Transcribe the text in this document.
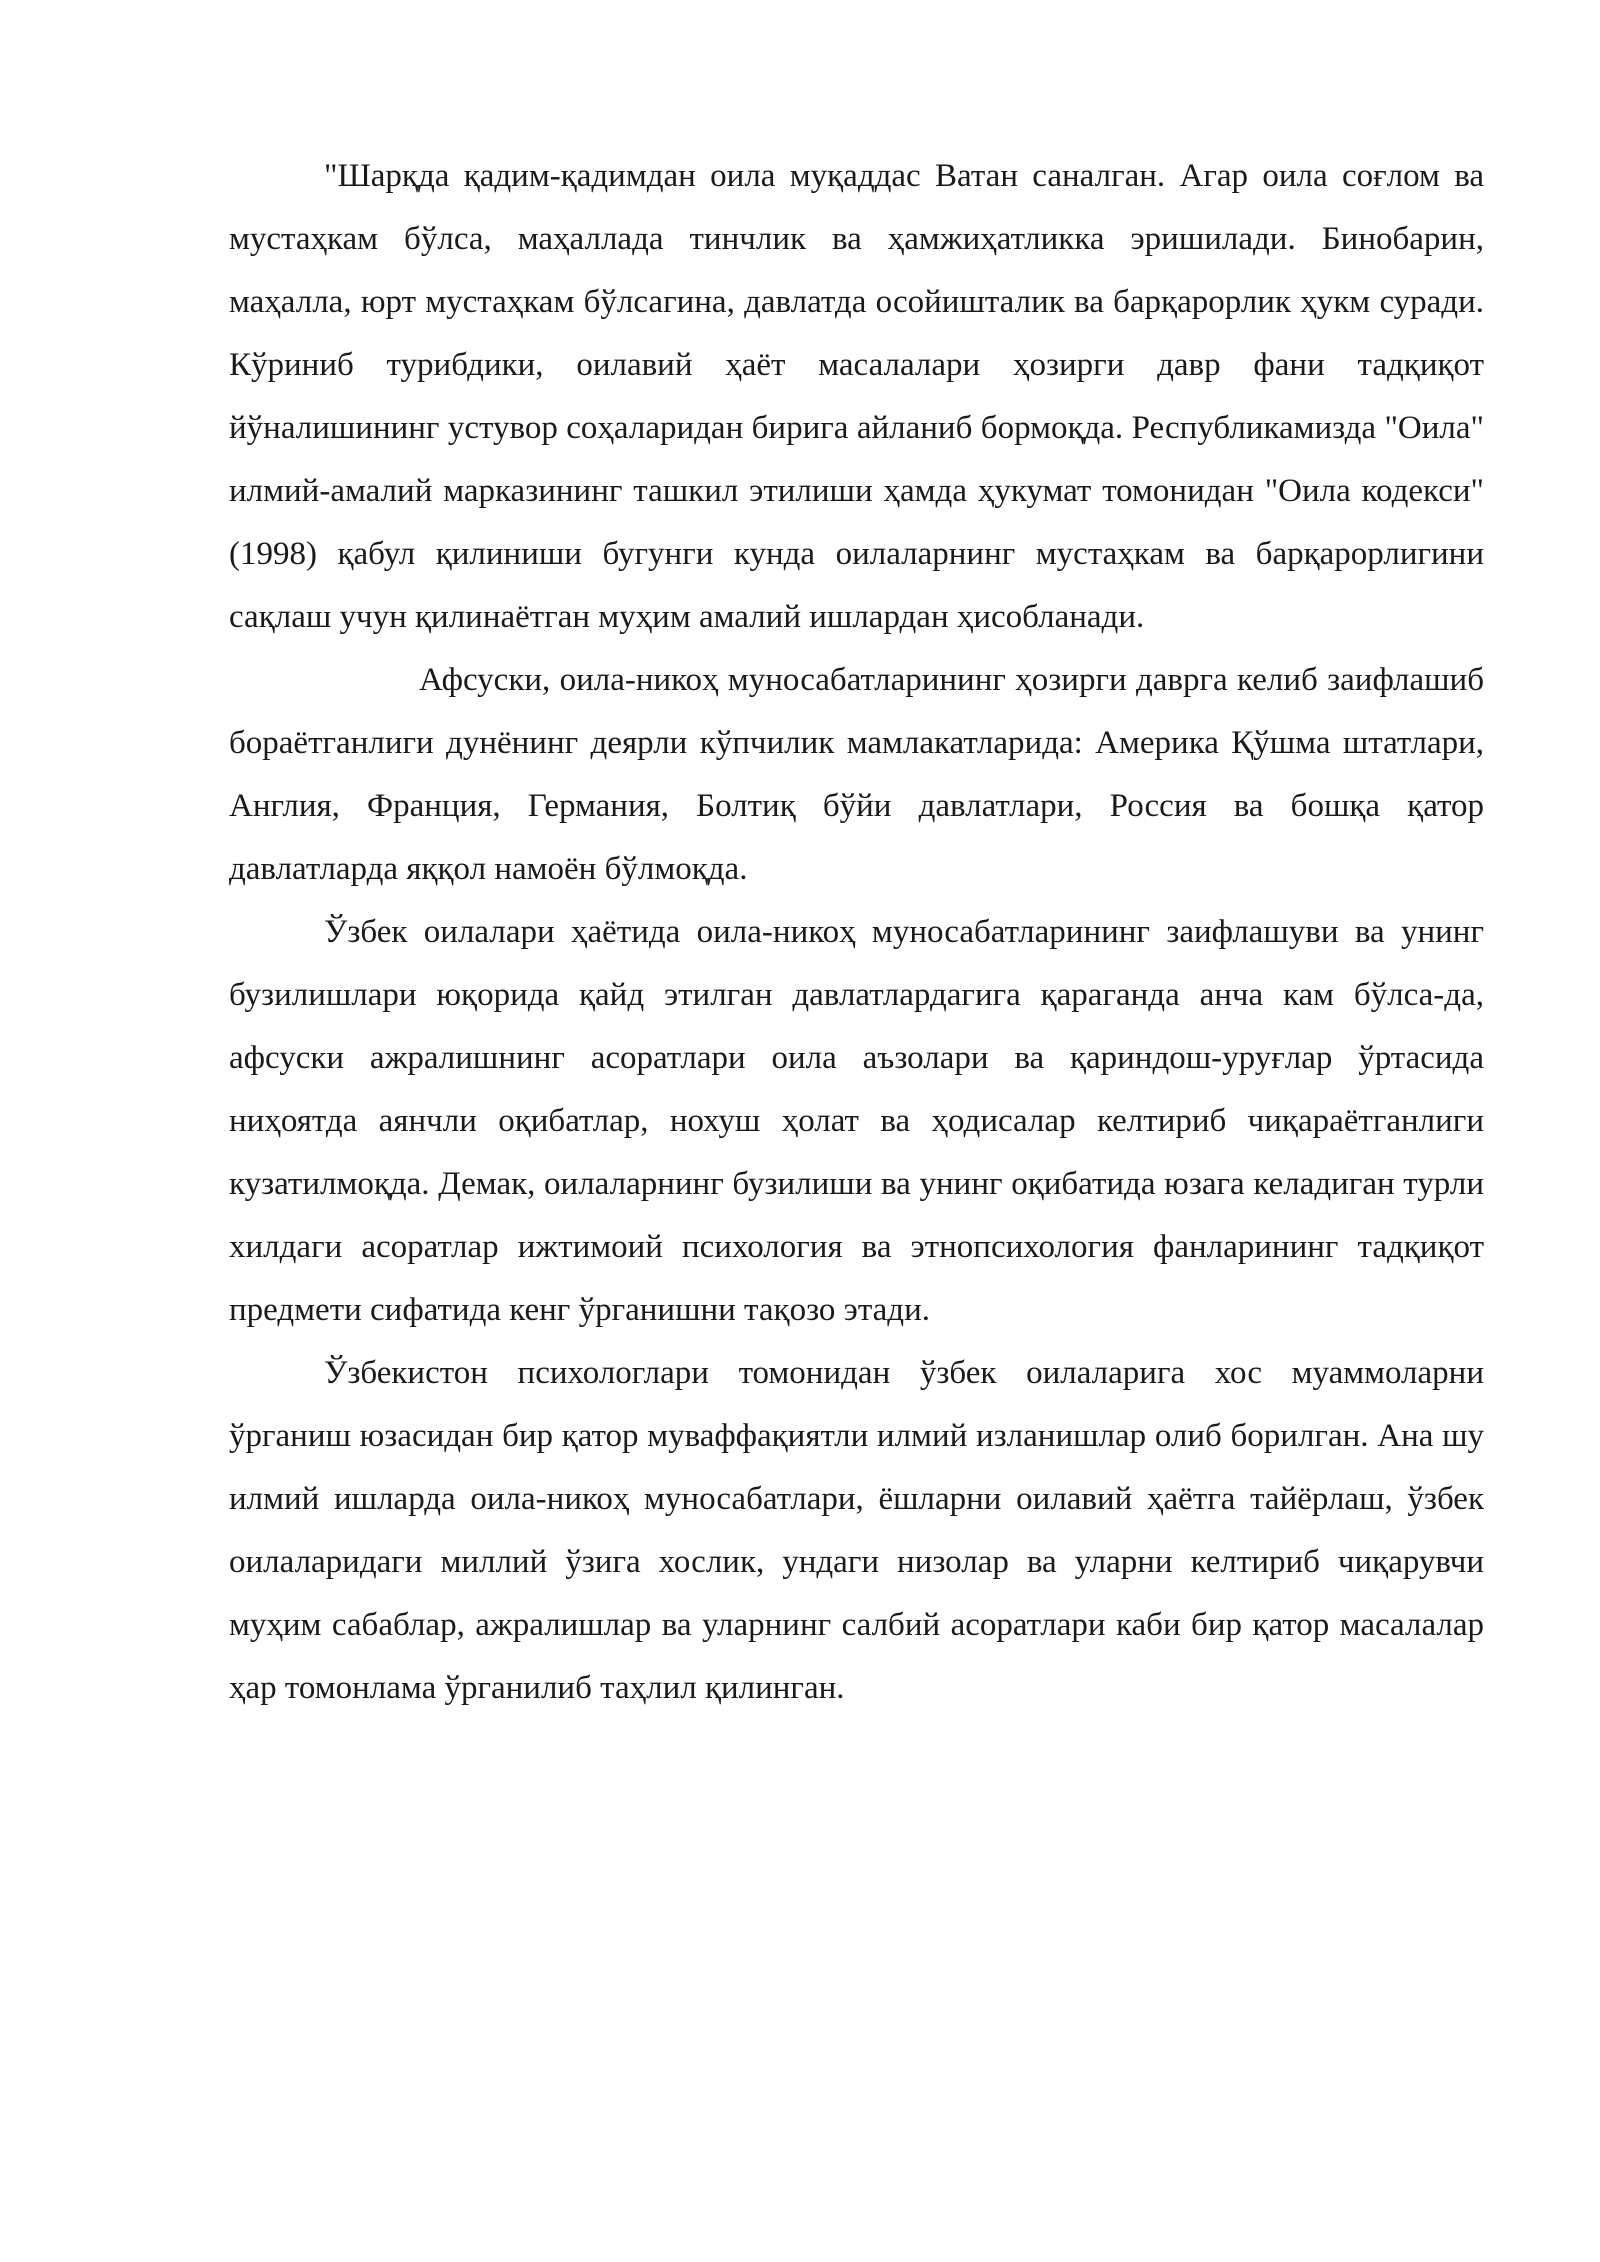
"Шарқда қадим-қадимдан оила муқаддас Ватан саналган. Агар оила соғлом ва мустаҳкам бўлса, маҳаллада тинчлик ва ҳамжиҳатликка эришилади. Бинобарин, маҳалла, юрт мустаҳкам бўлсагина, давлатда осойишталик ва барқарорлик ҳукм суради. Кўриниб турибдики, оилавий ҳаёт масалалари ҳозирги давр фани тадқиқот йўналишининг устувор соҳаларидан бирига айланиб бормоқда. Республикамизда "Оила" илмий-амалий марказининг ташкил этилиши ҳамда ҳукумат томонидан "Оила кодекси" (1998) қабул қилиниши бугунги кунда оилаларнинг мустаҳкам ва барқарорлигини сақлаш учун қилинаётган муҳим амалий ишлардан ҳисобланади.

Афсуски, оила-никоҳ муносабатларининг ҳозирги даврга келиб заифлашиб бораётганлиги дунёнинг деярли кўпчилик мамлакатларида: Америка Қўшма штатлари, Англия, Франция, Германия, Болтиқ бўйи давлатлари, Россия ва бошқа қатор давлатларда яққол намоён бўлмоқда.

Ўзбек оилалари ҳаётида оила-никоҳ муносабатларининг заифлашуви ва унинг бузилишлари юқорида қайд этилган давлатлардагига қараганда анча кам бўлса-да, афсуски ажралишнинг асоратлари оила аъзолари ва қариндош-уруғлар ўртасида ниҳоятда аянчли оқибатлар, нохуш ҳолат ва ҳодисалар келтириб чиқараётганлиги кузатилмоқда. Демак, оилаларнинг бузилиши ва унинг оқибатида юзага келадиган турли хилдаги асоратлар ижтимоий психология ва этнопсихология фанларининг тадқиқот предмети сифатида кенг ўрганишни тақозо этади.

Ўзбекистон психологлари томонидан ўзбек оилаларига хос муаммоларни ўрганиш юзасидан бир қатор муваффақиятли илмий изланишлар олиб борилган. Ана шу илмий ишларда оила-никоҳ муносабатлари, ёшларни оилавий ҳаётга тайёрлаш, ўзбек оилаларидаги миллий ўзига хослик, ундаги низолар ва уларни келтириб чиқарувчи муҳим сабаблар, ажралишлар ва уларнинг салбий асоратлари каби бир қатор масалалар ҳар томонлама ўрганилиб таҳлил қилинган.
